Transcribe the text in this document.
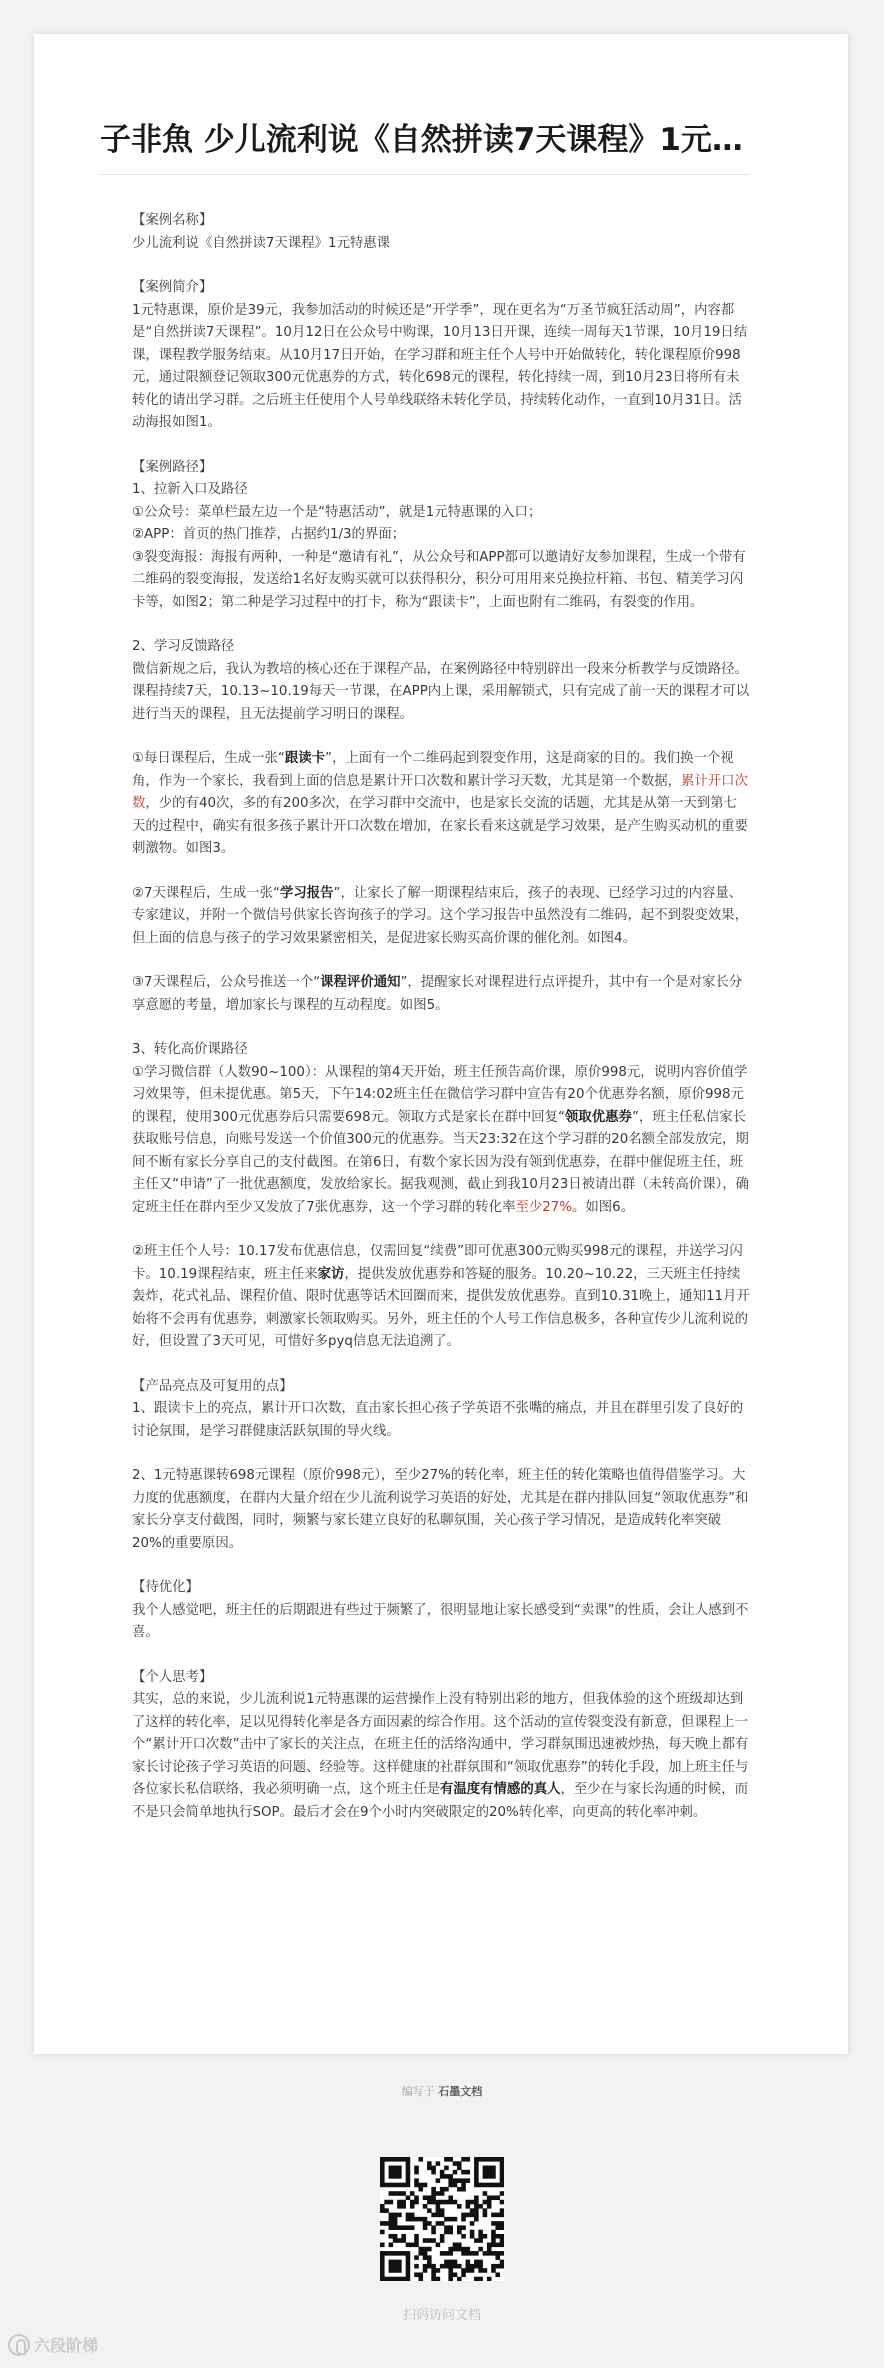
子非魚 少儿流利说《自然拼读7天课程》1元…

【案例名称】

少儿流利说《自然拼读7天课程》1元特惠课

【案例简介】

1元特惠课，原价是39元，我参加活动的时候还是“开学季”，现在更名为“万圣节疯狂活动周”，内容都是“自然拼读7天课程”。10月12日在公众号中购课，10月13日开课，连续一周每天1节课，10月19日结课，课程教学服务结束。从10月17日开始，在学习群和班主任个人号中开始做转化，转化课程原价998元，通过限额登记领取300元优惠券的方式，转化698元的课程，转化持续一周，到10月23日将所有未转化的请出学习群。之后班主任使用个人号单线联络未转化学员，持续转化动作，一直到10月31日。活动海报如图1。

【案例路径】

1、拉新入口及路径

①公众号：菜单栏最左边一个是“特惠活动”，就是1元特惠课的入口；

②APP：首页的热门推荐，占据约1/3的界面；

③裂变海报：海报有两种，一种是“邀请有礼”，从公众号和APP都可以邀请好友参加课程，生成一个带有二维码的裂变海报，发送给1名好友购买就可以获得积分，积分可用用来兑换拉杆箱、书包、精美学习闪卡等，如图2；第二种是学习过程中的打卡，称为“跟读卡”，上面也附有二维码，有裂变的作用。

2、学习反馈路径

微信新规之后，我认为教培的核心还在于课程产品，在案例路径中特别辟出一段来分析教学与反馈路径。课程持续7天，10.13~10.19每天一节课，在APP内上课，采用解锁式，只有完成了前一天的课程才可以进行当天的课程，且无法提前学习明日的课程。

①每日课程后，生成一张“跟读卡”，上面有一个二维码起到裂变作用，这是商家的目的。我们换一个视角，作为一个家长，我看到上面的信息是累计开口次数和累计学习天数，尤其是第一个数据，累计开口次数，少的有40次，多的有200多次，在学习群中交流中，也是家长交流的话题，尤其是从第一天到第七天的过程中，确实有很多孩子累计开口次数在增加，在家长看来这就是学习效果，是产生购买动机的重要刺激物。如图3。

②7天课程后，生成一张“学习报告”，让家长了解一期课程结束后，孩子的表现、已经学习过的内容量、专家建议，并附一个微信号供家长咨询孩子的学习。这个学习报告中虽然没有二维码，起不到裂变效果，但上面的信息与孩子的学习效果紧密相关，是促进家长购买高价课的催化剂。如图4。

③7天课程后，公众号推送一个“课程评价通知”，提醒家长对课程进行点评提升，其中有一个是对家长分享意愿的考量，增加家长与课程的互动程度。如图5。

3、转化高价课路径

①学习微信群（人数90~100）：从课程的第4天开始，班主任预告高价课，原价998元，说明内容价值学习效果等，但未提优惠。第5天，下午14:02班主任在微信学习群中宣告有20个优惠券名额，原价998元的课程，使用300元优惠券后只需要698元。领取方式是家长在群中回复“领取优惠券”，班主任私信家长获取账号信息，向账号发送一个价值300元的优惠券。当天23:32在这个学习群的20名额全部发放完，期间不断有家长分享自己的支付截图。在第6日，有数个家长因为没有领到优惠券，在群中催促班主任，班主任又“申请”了一批优惠额度，发放给家长。据我观测，截止到我10月23日被请出群（未转高价课），确定班主任在群内至少又发放了7张优惠券，这一个学习群的转化率至少27%。如图6。

②班主任个人号：10.17发布优惠信息，仅需回复“续费”即可优惠300元购买998元的课程，并送学习闪卡。10.19课程结束，班主任来家访，提供发放优惠券和答疑的服务。10.20~10.22，三天班主任持续轰炸，花式礼品、课程价值、限时优惠等话术回圈而来，提供发放优惠券。直到10.31晚上，通知11月开始将不会再有优惠券，刺激家长领取购买。另外，班主任的个人号工作信息极多，各种宣传少儿流利说的好，但设置了3天可见，可惜好多pyq信息无法追溯了。

【产品亮点及可复用的点】

1、跟读卡上的亮点，累计开口次数，直击家长担心孩子学英语不张嘴的痛点，并且在群里引发了良好的讨论氛围，是学习群健康活跃氛围的导火线。

2、1元特惠课转698元课程（原价998元），至少27%的转化率，班主任的转化策略也值得借鉴学习。大力度的优惠额度，在群内大量介绍在少儿流利说学习英语的好处，尤其是在群内排队回复“领取优惠券”和家长分享支付截图，同时，频繁与家长建立良好的私聊氛围，关心孩子学习情况，是造成转化率突破20%的重要原因。

【待优化】

我个人感觉吧，班主任的后期跟进有些过于频繁了，很明显地让家长感受到“卖课”的性质，会让人感到不喜。

【个人思考】

其实，总的来说，少儿流利说1元特惠课的运营操作上没有特别出彩的地方，但我体验的这个班级却达到了这样的转化率，足以见得转化率是各方面因素的综合作用。这个活动的宣传裂变没有新意，但课程上一个“累计开口次数”击中了家长的关注点，在班主任的活络沟通中，学习群氛围迅速被炒热，每天晚上都有家长讨论孩子学习英语的问题、经验等。这样健康的社群氛围和“领取优惠券”的转化手段，加上班主任与各位家长私信联络，我必须明确一点，这个班主任是有温度有情感的真人，至少在与家长沟通的时候，而不是只会简单地执行SOP。最后才会在9个小时内突破限定的20%转化率，向更高的转化率冲刺。

编写于 石墨文档
扫码访问文档
六段阶梯
